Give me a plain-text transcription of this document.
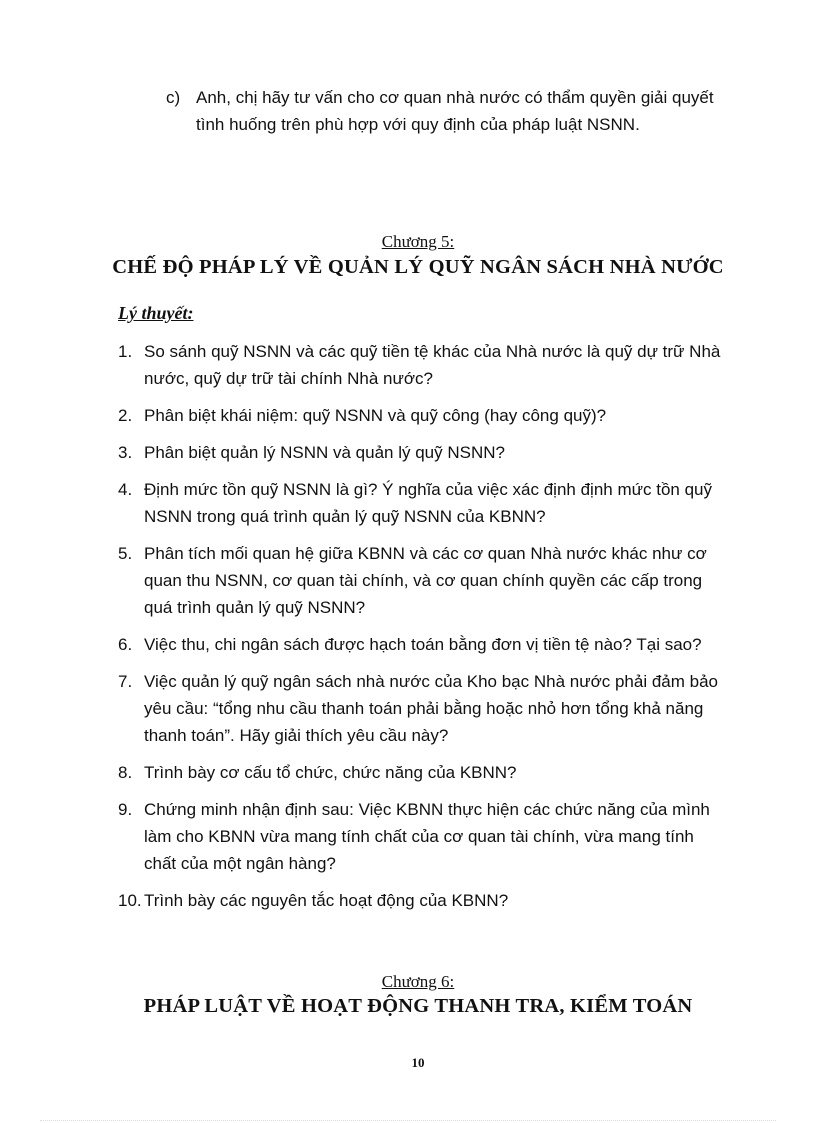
c) Anh, chị hãy tư vấn cho cơ quan nhà nước có thẩm quyền giải quyết tình huống trên phù hợp với quy định của pháp luật NSNN.
Chương 5:
CHẾ ĐỘ PHÁP LÝ VỀ QUẢN LÝ QUỸ NGÂN SÁCH NHÀ NƯỚC
Lý thuyết:
1. So sánh quỹ NSNN và các quỹ tiền tệ khác của Nhà nước là quỹ dự trữ Nhà nước, quỹ dự trữ tài chính Nhà nước?
2. Phân biệt khái niệm: quỹ NSNN và quỹ công (hay công quỹ)?
3. Phân biệt quản lý NSNN và quản lý quỹ NSNN?
4. Định mức tồn quỹ NSNN là gì? Ý nghĩa của việc xác định định mức tồn quỹ NSNN trong quá trình quản lý quỹ NSNN của KBNN?
5. Phân tích mối quan hệ giữa KBNN và các cơ quan Nhà nước khác như cơ quan thu NSNN, cơ quan tài chính, và cơ quan chính quyền các cấp trong quá trình quản lý quỹ NSNN?
6. Việc thu, chi ngân sách được hạch toán bằng đơn vị tiền tệ nào? Tại sao?
7. Việc quản lý quỹ ngân sách nhà nước của Kho bạc Nhà nước phải đảm bảo yêu cầu: “tổng nhu cầu thanh toán phải bằng hoặc nhỏ hơn tổng khả năng thanh toán”. Hãy giải thích yêu cầu này?
8. Trình bày cơ cấu tổ chức, chức năng của KBNN?
9. Chứng minh nhận định sau: Việc KBNN thực hiện các chức năng của mình làm cho KBNN vừa mang tính chất của cơ quan tài chính, vừa mang tính chất của một ngân hàng?
10. Trình bày các nguyên tắc hoạt động của KBNN?
Chương 6:
PHÁP LUẬT VỀ HOẠT ĐỘNG THANH TRA, KIỂM TOÁN
10
